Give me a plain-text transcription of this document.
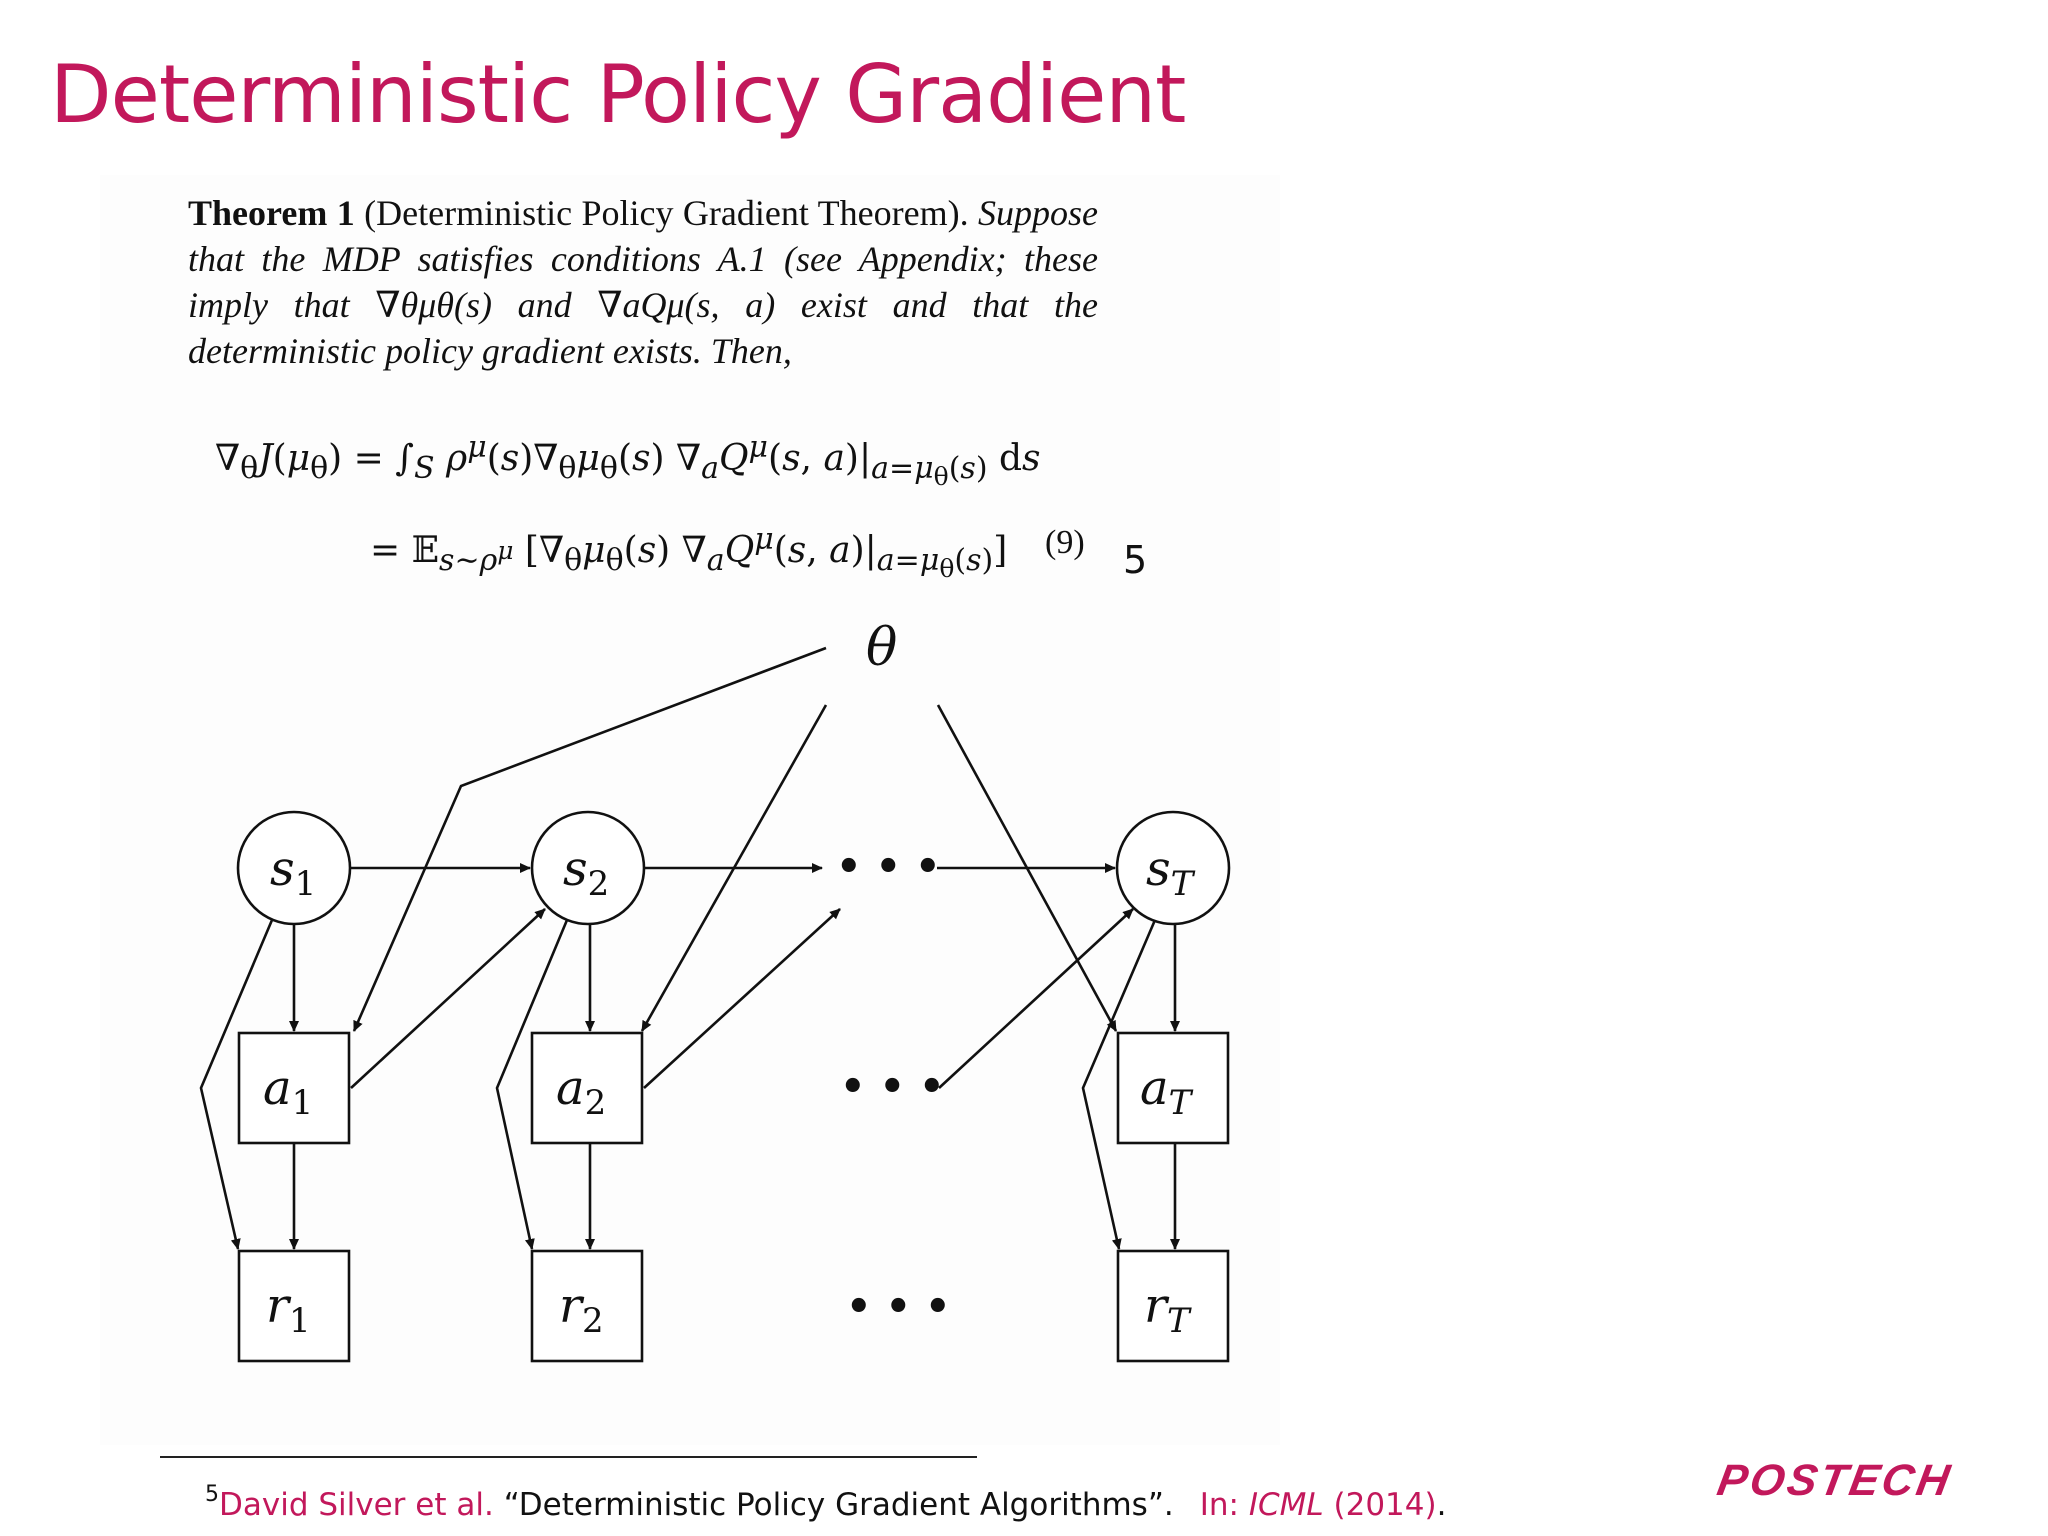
Deterministic Policy Gradient
Theorem 1 (Deterministic Policy Gradient Theorem). Suppose that the MDP satisfies conditions A.1 (see Appendix; these imply that ∇θμθ(s) and ∇aQμ(s, a) exist and that the deterministic policy gradient exists. Then,
$\nabla_\theta J(\mu_\theta) = \int_S$ $\rho^\mu(s)\nabla_\theta\mu_\theta(s)$ $\nabla_aQ^\mu(s$, $a)|_{a=\mu_\theta(s)}$ ds
= 𝔼$_{s\sim\rho^\mu}$ [$\nabla_\theta\mu_\theta(s)$ $\nabla_aQ^\mu(s$, $a)|_{a=\mu_\theta(s)}$] (9) 5
θ
$s_1$	$s_2$	$s_T$
$a_1$	$a_2$	$a_T$
$r_1$	$r_2$	$r_T$
• • •
• • •
• • •
$^5$David Silver et al. “Deterministic Policy Gradient Algorithms”. In: ICML (2014).	POSTECH
